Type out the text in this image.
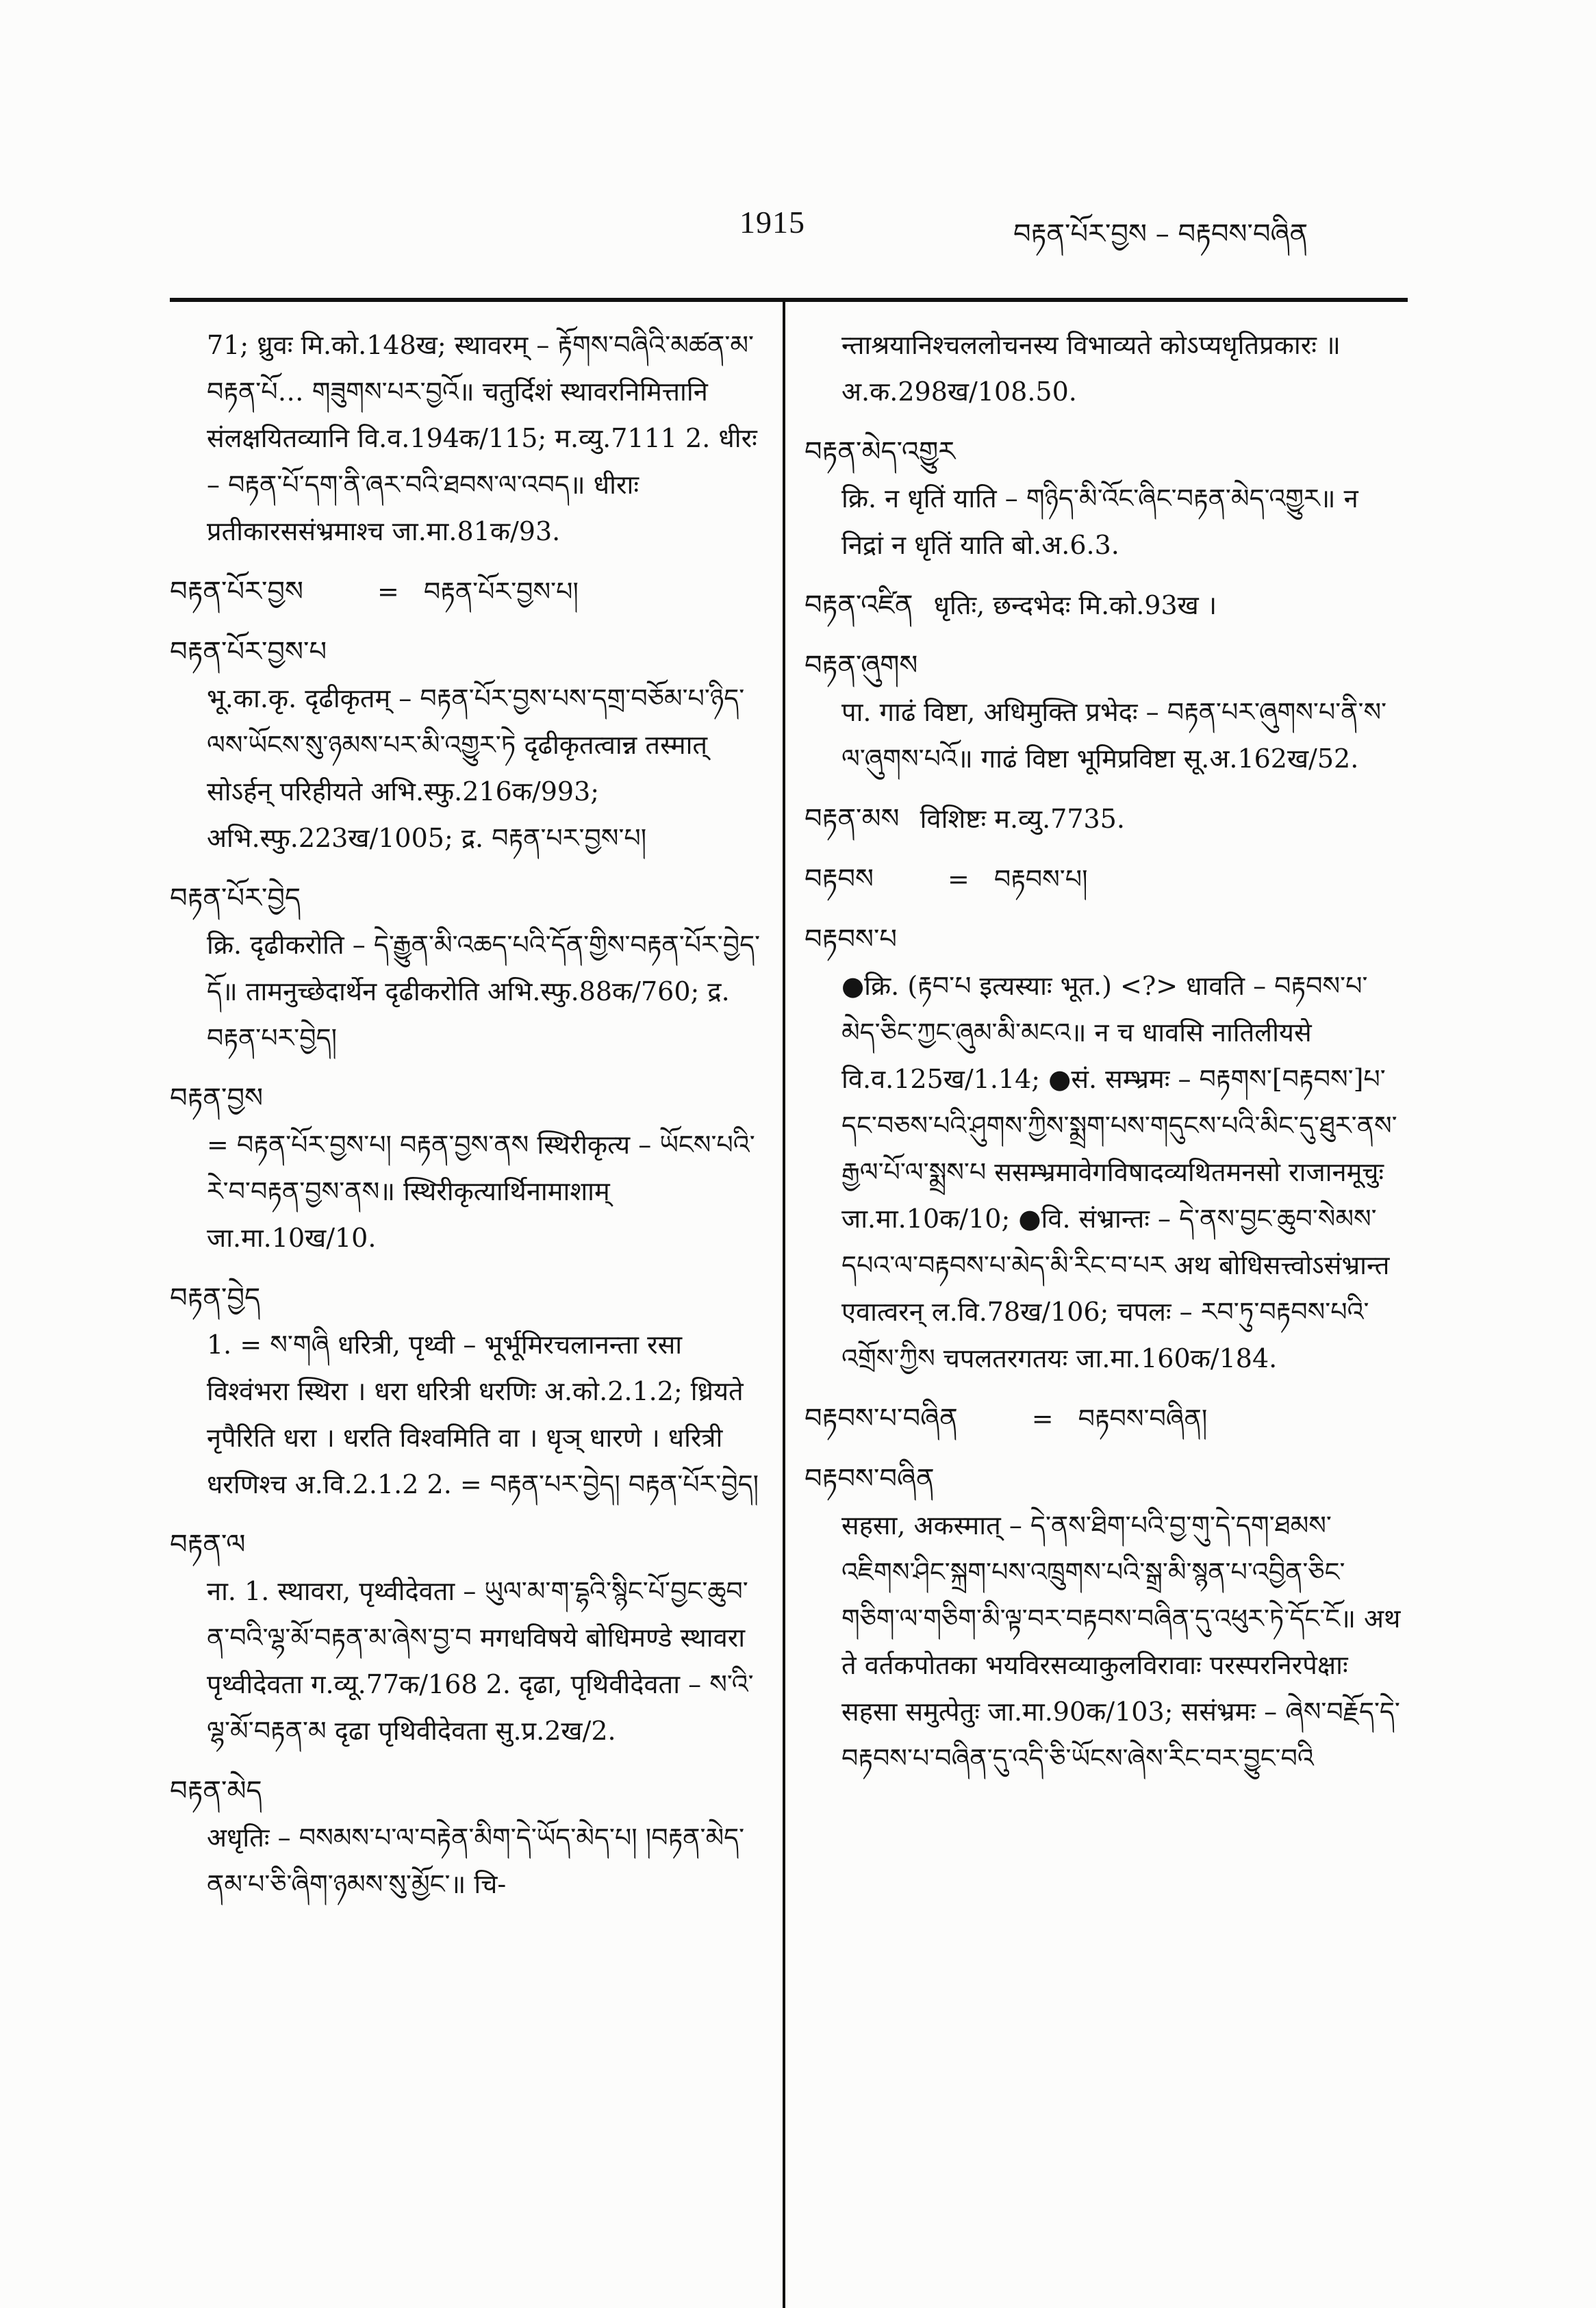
1915	བརྟན་པོར་བྱས – བརྟབས་བཞིན
71; ध्रुवः मि.को.148ख; स्थावरम् – རྟོགས་བཞིའི་མཚན་མ་བརྟན་པོ… གཟུགས་པར་བྱའོ॥ चतुर्दिशं स्थावरनिमित्तानि संलक्षयितव्यानि वि.व.194क/115; म.व्यु.7111 2. धीरः – བརྟན་པོ་དག་ནི་ཞར་བའི་ཐབས་ལ་འབད॥ धीराः प्रतीकारससंभ्रमाश्च जा.मा.81क/93.
བརྟན་པོར་བྱས	= བརྟན་པོར་བྱས་པ།
བརྟན་པོར་བྱས་པ
भू.का.कृ. दृढीकृतम् – བརྟན་པོར་བྱས་པས་དགྲ་བཅོམ་པ་ཉིད་ལས་ཡོངས་སུ་ཉམས་པར་མི་འགྱུར་ཏེ दृढीकृतत्वान्न तस्मात् सोऽर्हन् परिहीयते अभि.स्फु.216क/993; अभि.स्फु.223ख/1005; द्र. བརྟན་པར་བྱས་པ།
བརྟན་པོར་བྱེད
क्रि. दृढीकरोति – དེ་རྒྱུན་མི་འཆད་པའི་དོན་གྱིས་བརྟན་པོར་བྱེད་དོ॥ तामनुच्छेदार्थेन दृढीकरोति अभि.स्फु.88क/760; द्र. བརྟན་པར་བྱེད།
བརྟན་བྱས
= བརྟན་པོར་བྱས་པ། བརྟན་བྱས་ནས स्थिरीकृत्य – ཡོངས་པའི་རེ་བ་བརྟན་བྱས་ནས॥ स्थिरीकृत्यार्थिनामाशाम् जा.मा.10ख/10.
བརྟན་བྱེད
1. = ས་གཞི धरित्री, पृथ्वी – भूर्भूमिरचलानन्ता रसा विश्वंभरा स्थिरा । धरा धरित्री धरणिः अ.को.2.1.2; ध्रियते नृपैरिति धरा । धरति विश्वमिति वा । धृञ् धारणे । धरित्री धरणिश्च अ.वि.2.1.2 2. = བརྟན་པར་བྱེད། བརྟན་པོར་བྱེད།
བརྟན་ལ
ना. 1. स्थावरा, पृथ्वीदेवता – ཡུལ་མ་ག་དྷའི་སྙིང་པོ་བྱང་ཆུབ་ན་བའི་ལྷ་མོ་བརྟན་མ་ཞེས་བྱ་བ मगधविषये बोधिमण्डे स्थावरा पृथ्वीदेवता ग.व्यू.77क/168 2. दृढा, पृथिवीदेवता – ས་འི་ལྷ་མོ་བརྟན་མ दृढा पृथिवीदेवता सु.प्र.2ख/2.
བརྟན་མེད
अधृतिः – བསམས་པ་ལ་བརྟེན་མིག་དེ་ཡོད་མེད་པ། །བརྟན་མེད་ནམ་པ་ཅི་ཞིག་ཉམས་སུ་མྱོང་॥ चि-
न्ताश्रयानिश्चललोचनस्य विभाव्यते कोऽप्यधृतिप्रकारः ॥ अ.क.298ख/108.50.
བརྟན་མེད་འགྱུར
क्रि. न धृतिं याति – གཉིད་མི་འོང་ཞིང་བརྟན་མེད་འགྱུར॥ न निद्रां न धृतिं याति बो.अ.6.3.
བརྟན་འཛིན धृतिः, छन्दभेदः मि.को.93ख ।
བརྟན་ཞུགས
पा. गाढं विष्टा, अधिमुक्ति प्रभेदः – བརྟན་པར་ཞུགས་པ་ནི་ས་ལ་ཞུགས་པའོ॥ गाढं विष्टा भूमिप्रविष्टा सू.अ.162ख/52.
བརྟན་མས विशिष्टः म.व्यु.7735.
བརྟབས	= བརྟབས་པ།
བརྟབས་པ
●क्रि. (རྟབ་པ इत्यस्याः भूत.) <?> धावति – བརྟབས་པ་མེད་ཅིང་ཀྱང་ཞུམ་མི་མངའ॥ न च धावसि नातिलीयसे वि.व.125ख/1.14; ●सं. सम्भ्रमः – བརྟགས་[བརྟབས་]པ་དང་བཅས་པའི་ཤུགས་ཀྱིས་སྨྲག་པས་གདུངས་པའི་མིང་དུ་ཐུར་ནས་རྒྱལ་པོ་ལ་སྨྲས་པ ससम्भ्रमावेगविषादव्यथितमनसो राजानमूचुः जा.मा.10क/10; ●वि. संभ्रान्तः – དེ་ནས་བྱང་ཆུབ་སེམས་དཔའ་ལ་བརྟབས་པ་མེད་མི་རིང་བ་པར अथ बोधिसत्त्वोऽसंभ्रान्त एवात्वरन् ल.वि.78ख/106; चपलः – རབ་ཏུ་བརྟབས་པའི་འགྲོས་ཀྱིས चपलतरगतयः जा.मा.160क/184.
བརྟབས་པ་བཞིན	= བརྟབས་བཞིན།
བརྟབས་བཞིན
सहसा, अकस्मात् – དེ་ནས་ཐིག་པའི་བྱ་གུ་དེ་དག་ཐམས་འཇིགས་ཤིང་སྐྲག་པས་འཁྲུགས་པའི་སྒྲ་མི་སྙན་པ་འབྱིན་ཅིང་གཅིག་ལ་གཅིག་མི་ལྟ་བར་བརྟབས་བཞིན་དུ་འཕུར་ཏེ་དོང་ངོ॥ अथ ते वर्तकपोतका भयविरसव्याकुलविरावाः परस्परनिरपेक्षाः सहसा समुत्पेतुः जा.मा.90क/103; ससंभ्रमः – ཞེས་བརྗོད་དེ་བརྟབས་པ་བཞིན་དུ་འདི་ཅི་ཡོངས་ཞེས་རིང་བར་བྱུང་བའི
